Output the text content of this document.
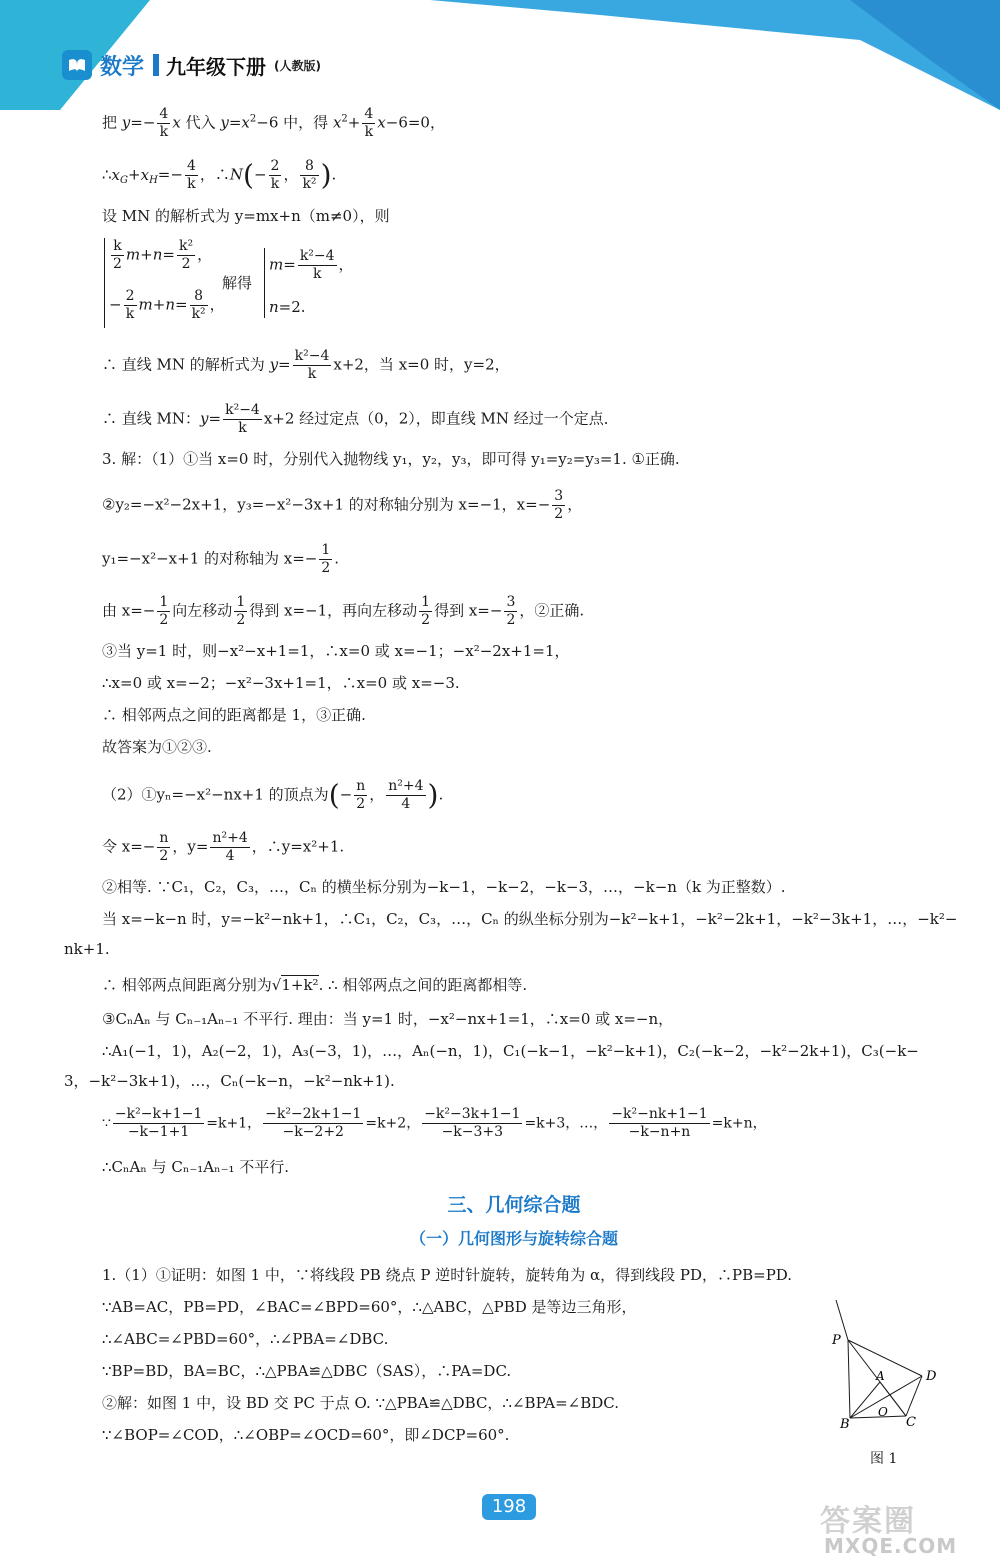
数学 九年级下册 (人教版)
把 $y=- \frac{4}{k}$ x 代入 $y=x^2-6$ 中，得 $x^2+ \frac{4}{k} x-6=0$，
$\therefore x_G+x_H=- \frac{4}{k}$ ，∴N(− $\frac{2}{k}$ ， $\frac{8}{\text{k²}}$ ).
设 MN 的解析式为 y=mx+n（m≠0），则
$\frac{k}{2} m+n= \frac{\text{k²}}{2}$ ，
− $\frac{2}{k} m+n= \frac{8}{\text{k²}}$ ，
解得
$m= \frac{\text{k²−4}}{k}$ ，
n=2.
∴ 直线 MN 的解析式为 $y= \frac{\text{k²−4}}{k} x+2$，当 x=0 时，y=2，
∴ 直线 MN：$y= \frac{\text{k²−4}}{k} x+2$ 经过定点（0，2），即直线 MN 经过一个定点．
3. 解：（1）①当 x=0 时，分别代入抛物线 y₁，y₂，y₃，即可得 y₁=y₂=y₃=1. ①正确.
②y₂=−x²−2x+1，y₃=−x²−3x+1 的对称轴分别为 x=−1，$x=- \frac{3}{2}$ ，
y₁=−x²−x+1 的对称轴为 $x=- \frac{1}{2}$ .
由 $x=- \frac{1}{2}$ 向左移动 $\frac{1}{2}$ 得到 x=−1，再向左移动 $\frac{1}{2}$ 得到 $x=- \frac{3}{2}$ ，②正确.
③当 y=1 时，则−x²−x+1=1，∴x=0 或 x=−1；−x²−2x+1=1，
∴x=0 或 x=−2；−x²−3x+1=1，∴x=0 或 x=−3.
∴ 相邻两点之间的距离都是 1，③正确.
故答案为①②③.
（2）①yₙ=−x²−nx+1 的顶点为(− $\frac{n}{2}$ ， $\frac{\text{n²+4}}{4}$ ).
令 $x=- \frac{n}{2}$ ，$y= \frac{\text{n²+4}}{4}$ ，∴y=x²+1.
②相等. ∵C₁，C₂，C₃，…，Cₙ 的横坐标分别为−k−1，−k−2，−k−3，…，−k−n（k 为正整数）.
当 x=−k−n 时，y=−k²−nk+1，∴C₁，C₂，C₃，…，Cₙ 的纵坐标分别为−k²−k+1，−k²−2k+1，−k²−3k+1，…，−k²−
nk+1.
∴ 相邻两点间距离分别为√1+k². ∴ 相邻两点之间的距离都相等.
③CₙAₙ 与 Cₙ₋₁Aₙ₋₁ 不平行. 理由：当 y=1 时，−x²−nx+1=1，∴x=0 或 x=−n，
∴A₁(−1，1)，A₂(−2，1)，A₃(−3，1)，…，Aₙ(−n，1)，C₁(−k−1，−k²−k+1)，C₂(−k−2，−k²−2k+1)，C₃(−k−
3，−k²−3k+1)，…，Cₙ(−k−n，−k²−nk+1).
∵ $\frac{\text{−k²−k+1−1}}{-k-1+1} =k+1$， $\frac{\text{−k²−2k+1−1}}{-k-2+2} =k+2$， $\frac{\text{−k²−3k+1−1}}{-k-3+3} =k+3$，…， $\frac{\text{−k²−nk+1−1}}{-k-n+n} =k+n$，
∴CₙAₙ 与 Cₙ₋₁Aₙ₋₁ 不平行.
三、几何综合题
（一）几何图形与旋转综合题
1.（1）①证明：如图 1 中，∵将线段 PB 绕点 P 逆时针旋转，旋转角为 α，得到线段 PD，∴PB=PD.
∵AB=AC，PB=PD，∠BAC=∠BPD=60°，∴△ABC，△PBD 是等边三角形，
∴∠ABC=∠PBD=60°，∴∠PBA=∠DBC.
∵BP=BD，BA=BC，∴△PBA≌△DBC（SAS），∴PA=DC.
②解：如图 1 中，设 BD 交 PC 于点 O. ∵△PBA≌△DBC，∴∠BPA=∠BDC.
∵∠BOP=∠COD，∴∠OBP=∠OCD=60°，即∠DCP=60°.
P
A	D
B
O
C
图 1
198	答案圈
MXQE.COM
